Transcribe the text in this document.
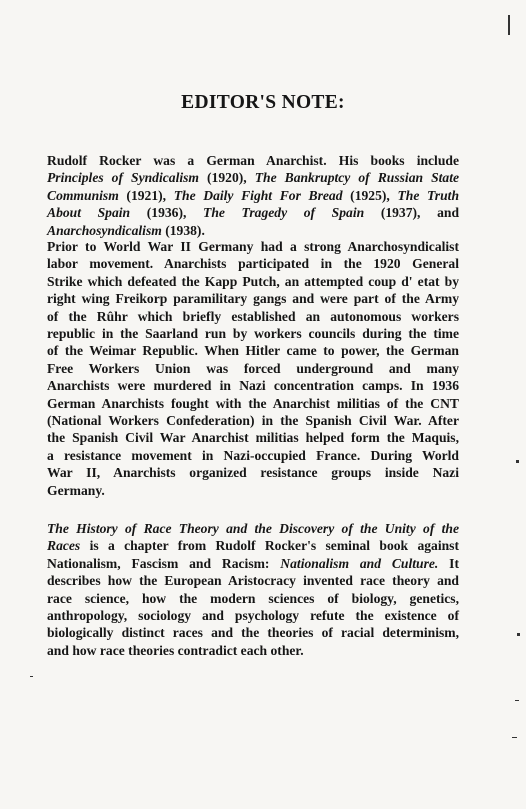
EDITOR'S NOTE:
Rudolf Rocker was a German Anarchist. His books include
Principles of Syndicalism (1920), The Bankruptcy of Russian State
Communism (1921), The Daily Fight For Bread (1925), The Truth
About Spain (1936), The Tragedy of Spain (1937), and
Anarchosyndicalism (1938).
Prior to World War II Germany had a strong Anarchosyndicalist
labor movement. Anarchists participated in the 1920 General
Strike which defeated the Kapp Putch, an attempted coup d' etat by
right wing Freikorp paramilitary gangs and were part of the Army
of the Rûhr which briefly established an autonomous workers
republic in the Saarland run by workers councils during the time
of the Weimar Republic. When Hitler came to power, the German
Free Workers Union was forced underground and many
Anarchists were murdered in Nazi concentration camps. In 1936
German Anarchists fought with the Anarchist militias of the CNT
(National Workers Confederation) in the Spanish Civil War. After
the Spanish Civil War Anarchist militias helped form the Maquis,
a resistance movement in Nazi-occupied France. During World
War II, Anarchists organized resistance groups inside Nazi
Germany.
The History of Race Theory and the Discovery of the Unity of the
Races is a chapter from Rudolf Rocker's seminal book against
Nationalism, Fascism and Racism: Nationalism and Culture. It
describes how the European Aristocracy invented race theory and
race science, how the modern sciences of biology, genetics,
anthropology, sociology and psychology refute the existence of
biologically distinct races and the theories of racial determinism,
and how race theories contradict each other.
